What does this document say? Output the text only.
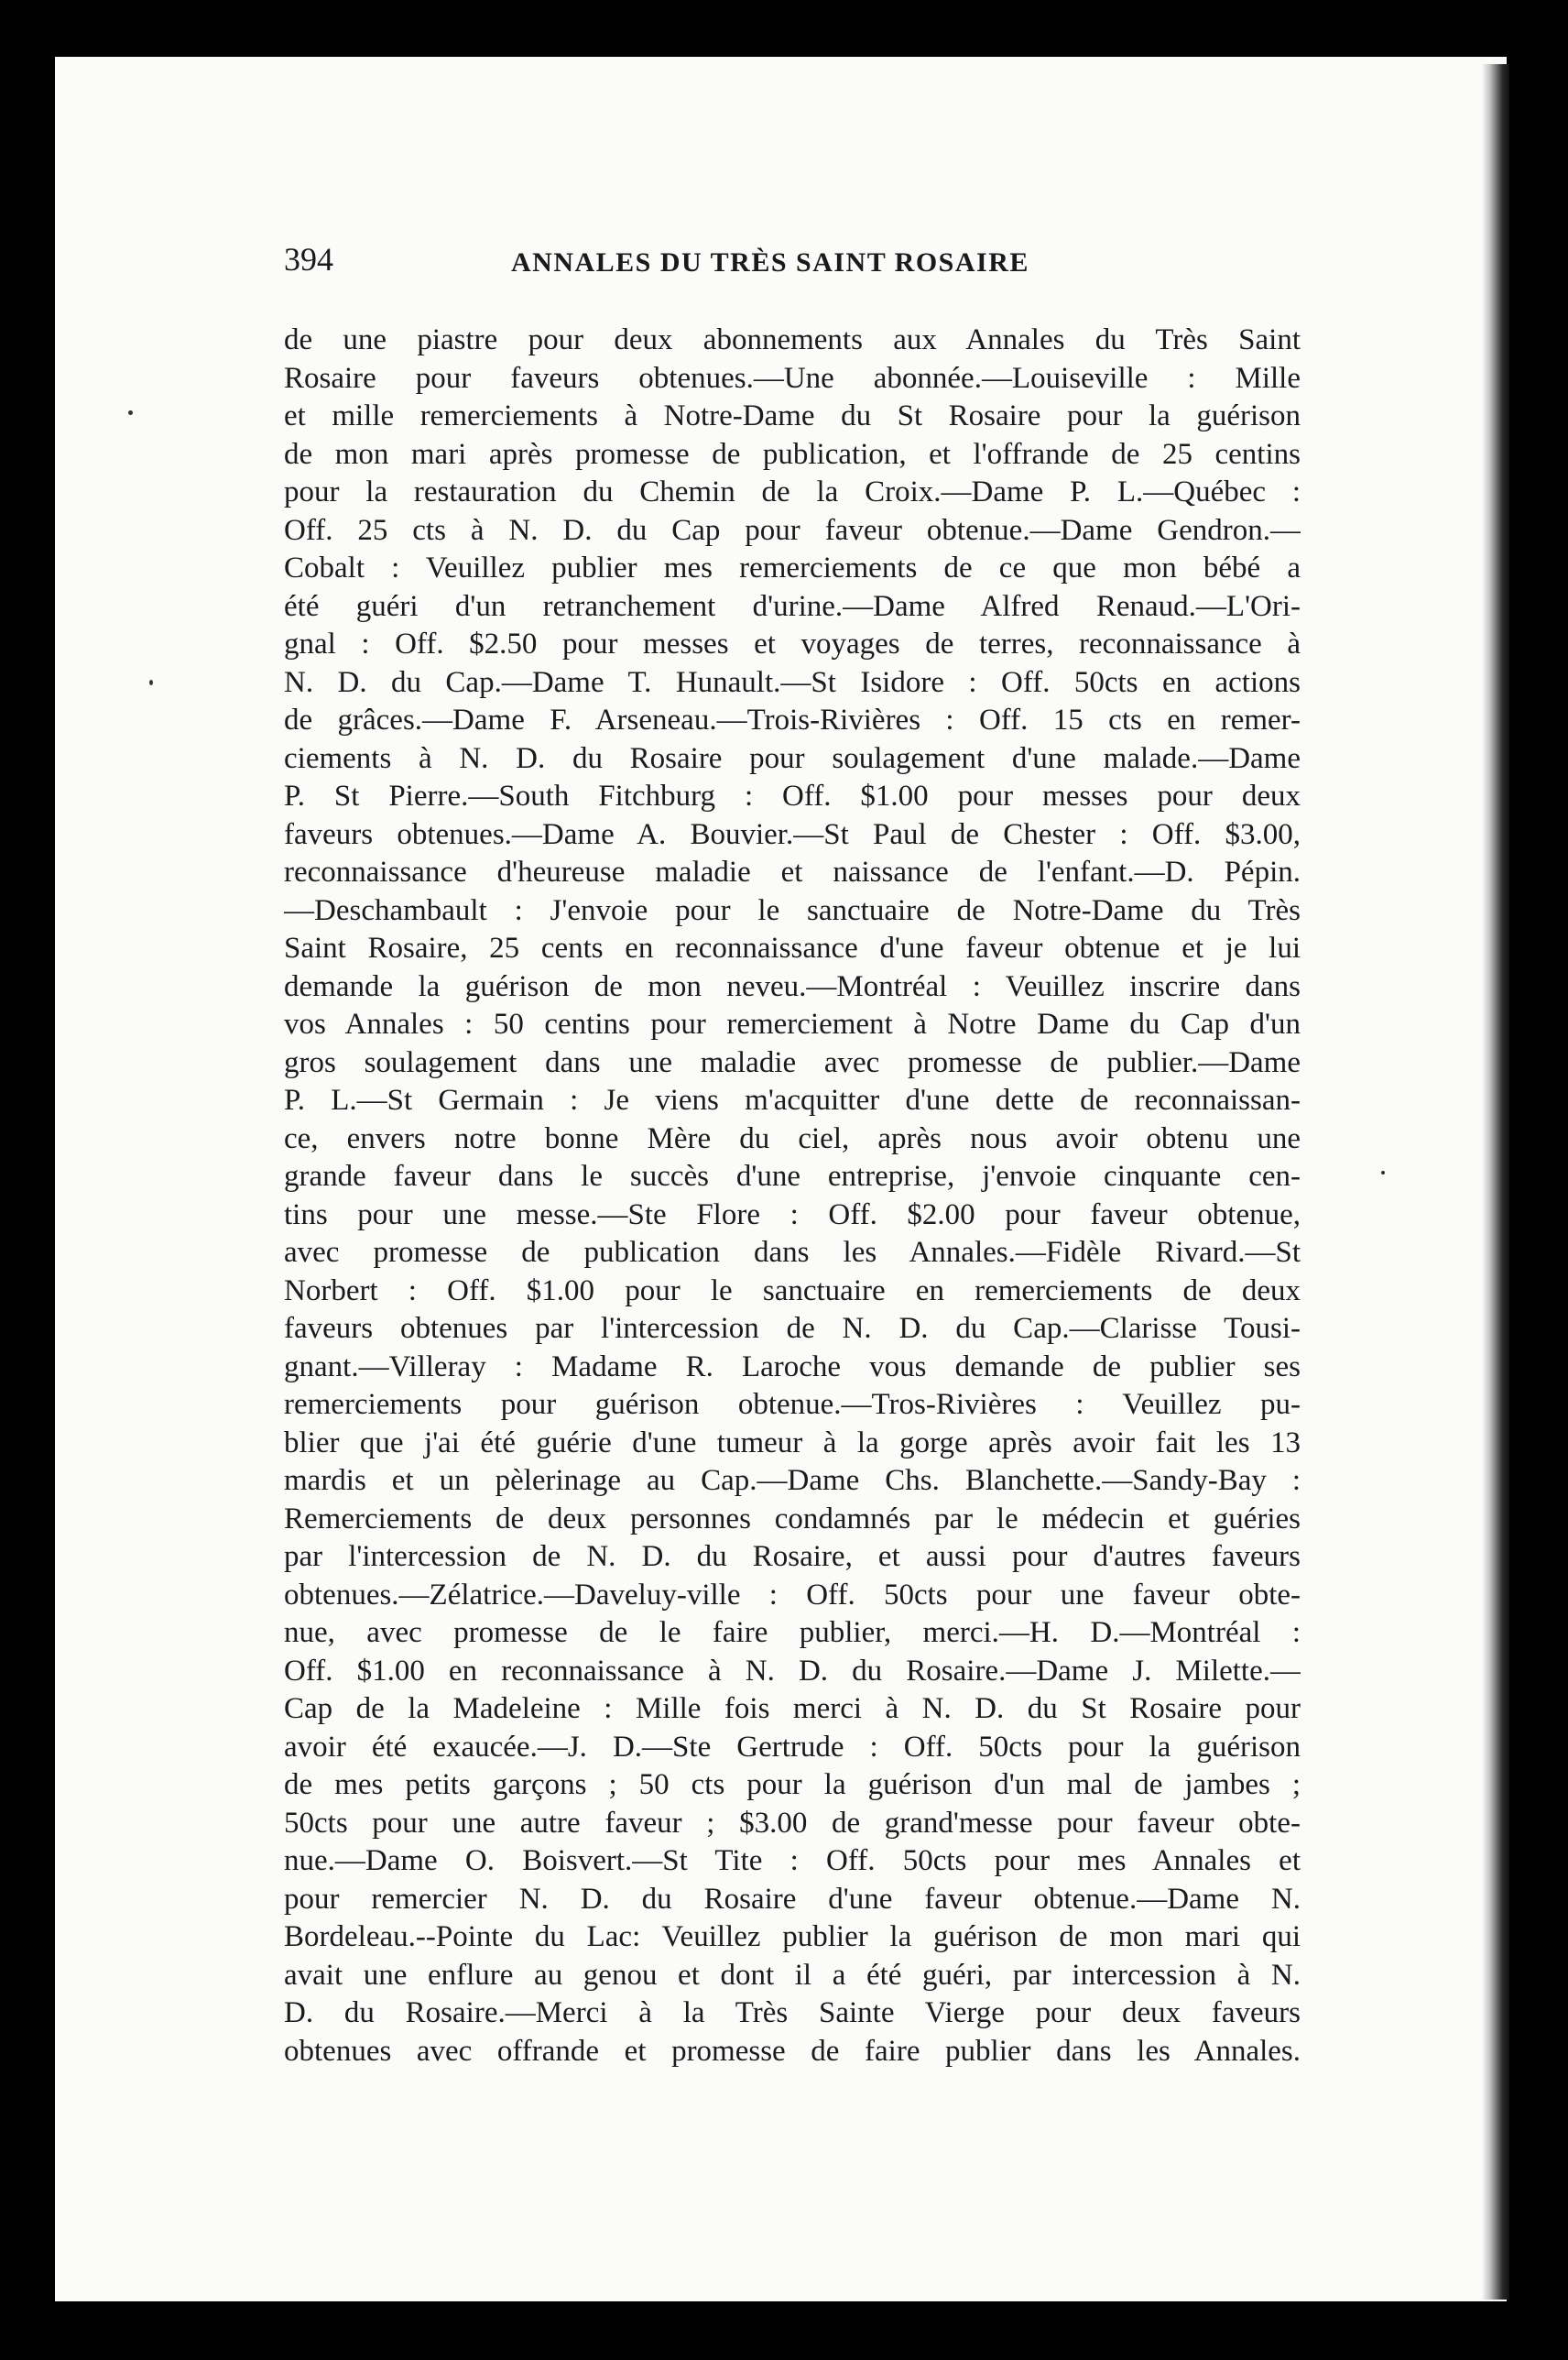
394	ANNALES DU TRÈS SAINT ROSAIRE
de une piastre pour deux abonnements aux Annales du Très Saint
Rosaire pour faveurs obtenues.—Une abonnée.—Louiseville : Mille
et mille remerciements à Notre-Dame du St Rosaire pour la guérison
de mon mari après promesse de publication, et l'offrande de 25 centins
pour la restauration du Chemin de la Croix.—Dame P. L.—Québec :
Off. 25 cts à N. D. du Cap pour faveur obtenue.—Dame Gendron.—
Cobalt : Veuillez publier mes remerciements de ce que mon bébé a
été guéri d'un retranchement d'urine.—Dame Alfred Renaud.—L'Ori-
gnal : Off. $2.50 pour messes et voyages de terres, reconnaissance à
N. D. du Cap.—Dame T. Hunault.—St Isidore : Off. 50cts en actions
de grâces.—Dame F. Arseneau.—Trois-Rivières : Off. 15 cts en remer-
ciements à N. D. du Rosaire pour soulagement d'une malade.—Dame
P. St Pierre.—South Fitchburg : Off. $1.00 pour messes pour deux
faveurs obtenues.—Dame A. Bouvier.—St Paul de Chester : Off. $3.00,
reconnaissance d'heureuse maladie et naissance de l'enfant.—D. Pépin.
—Deschambault : J'envoie pour le sanctuaire de Notre-Dame du Très
Saint Rosaire, 25 cents en reconnaissance d'une faveur obtenue et je lui
demande la guérison de mon neveu.—Montréal : Veuillez inscrire dans
vos Annales : 50 centins pour remerciement à Notre Dame du Cap d'un
gros soulagement dans une maladie avec promesse de publier.—Dame
P. L.—St Germain : Je viens m'acquitter d'une dette de reconnaissan-
ce, envers notre bonne Mère du ciel, après nous avoir obtenu une
grande faveur dans le succès d'une entreprise, j'envoie cinquante cen-
tins pour une messe.—Ste Flore : Off. $2.00 pour faveur obtenue,
avec promesse de publication dans les Annales.—Fidèle Rivard.—St
Norbert : Off. $1.00 pour le sanctuaire en remerciements de deux
faveurs obtenues par l'intercession de N. D. du Cap.—Clarisse Tousi-
gnant.—Villeray : Madame R. Laroche vous demande de publier ses
remerciements pour guérison obtenue.—Tros-Rivières : Veuillez pu-
blier que j'ai été guérie d'une tumeur à la gorge après avoir fait les 13
mardis et un pèlerinage au Cap.—Dame Chs. Blanchette.—Sandy-Bay :
Remerciements de deux personnes condamnés par le médecin et guéries
par l'intercession de N. D. du Rosaire, et aussi pour d'autres faveurs
obtenues.—Zélatrice.—Daveluy-ville : Off. 50cts pour une faveur obte-
nue, avec promesse de le faire publier, merci.—H. D.—Montréal :
Off. $1.00 en reconnaissance à N. D. du Rosaire.—Dame J. Milette.—
Cap de la Madeleine : Mille fois merci à N. D. du St Rosaire pour
avoir été exaucée.—J. D.—Ste Gertrude : Off. 50cts pour la guérison
de mes petits garçons ; 50 cts pour la guérison d'un mal de jambes ;
50cts pour une autre faveur ; $3.00 de grand'messe pour faveur obte-
nue.—Dame O. Boisvert.—St Tite : Off. 50cts pour mes Annales et
pour remercier N. D. du Rosaire d'une faveur obtenue.—Dame N.
Bordeleau.--Pointe du Lac: Veuillez publier la guérison de mon mari qui
avait une enflure au genou et dont il a été guéri, par intercession à N.
D. du Rosaire.—Merci à la Très Sainte Vierge pour deux faveurs
obtenues avec offrande et promesse de faire publier dans les Annales.
